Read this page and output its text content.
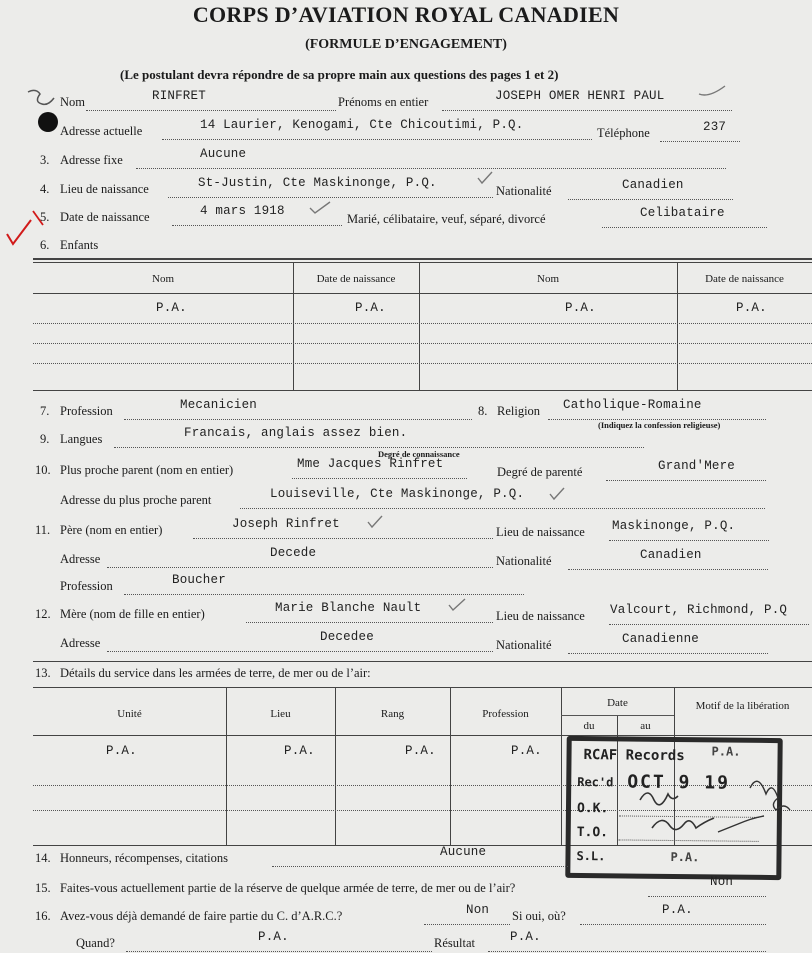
CORPS D’AVIATION ROYAL CANADIEN
(FORMULE D’ENGAGEMENT)
(Le postulant devra répondre de sa propre main aux questions des pages 1 et 2)
Nom	RINFRET	Prénoms en entier	JOSEPH OMER HENRI PAUL
Adresse actuelle	14 Laurier, Kenogami, Cte Chicoutimi, P.Q.
Téléphone	237
3. Adresse fixe	Aucune
4. Lieu de naissance	St-Justin, Cte Maskinonge, P.Q.
Nationalité	Canadien
5. Date de naissance	4 mars 1918
Marié, célibataire, veuf, séparé, divorcé	Celibataire
6. Enfants
Nom	Date de naissance	Nom	Date de naissance
P.A.	P.A.	P.A.	P.A.
7. Profession	Mecanicien	8. Religion Catholique-Romaine
(Indiquez la confession religieuse)
9. Langues	Francais, anglais assez bien.
Degré de connaissance
10. Plus proche parent (nom en entier)	Mme Jacques Rinfret
Degré de parenté	Grand'Mere
Adresse du plus proche parent	Louiseville, Cte Maskinonge, P.Q.
11. Père (nom en entier)	Joseph Rinfret
Lieu de naissance Maskinonge, P.Q.
Adresse	Decede
Nationalité	Canadien
Profession	Boucher
12. Mère (nom de fille en entier)	Marie Blanche Nault
Lieu de naissance Valcourt, Richmond, P.Q
Adresse	Decedee
Nationalité	Canadienne
13. Détails du service dans les armées de terre, de mer ou de l’air:
Unité	Lieu	Rang	Profession
Date
du	au
Motif de la libération
P.A.	P.A.	P.A.	P.A.	RCAF Records P.A.
Rec'd OCT 9 19
O.K.
T.O.
S.L.	P.A.
14. Honneurs, récompenses, citations	Aucune
15. Faites-vous actuellement partie de la réserve de quelque armée de terre, de mer ou de l’air?	Non
16. Avez-vous déjà demandé de faire partie du C. d’A.R.C.?	Non Si oui, où?	P.A.
Quand?	P.A.	Résultat	P.A.
